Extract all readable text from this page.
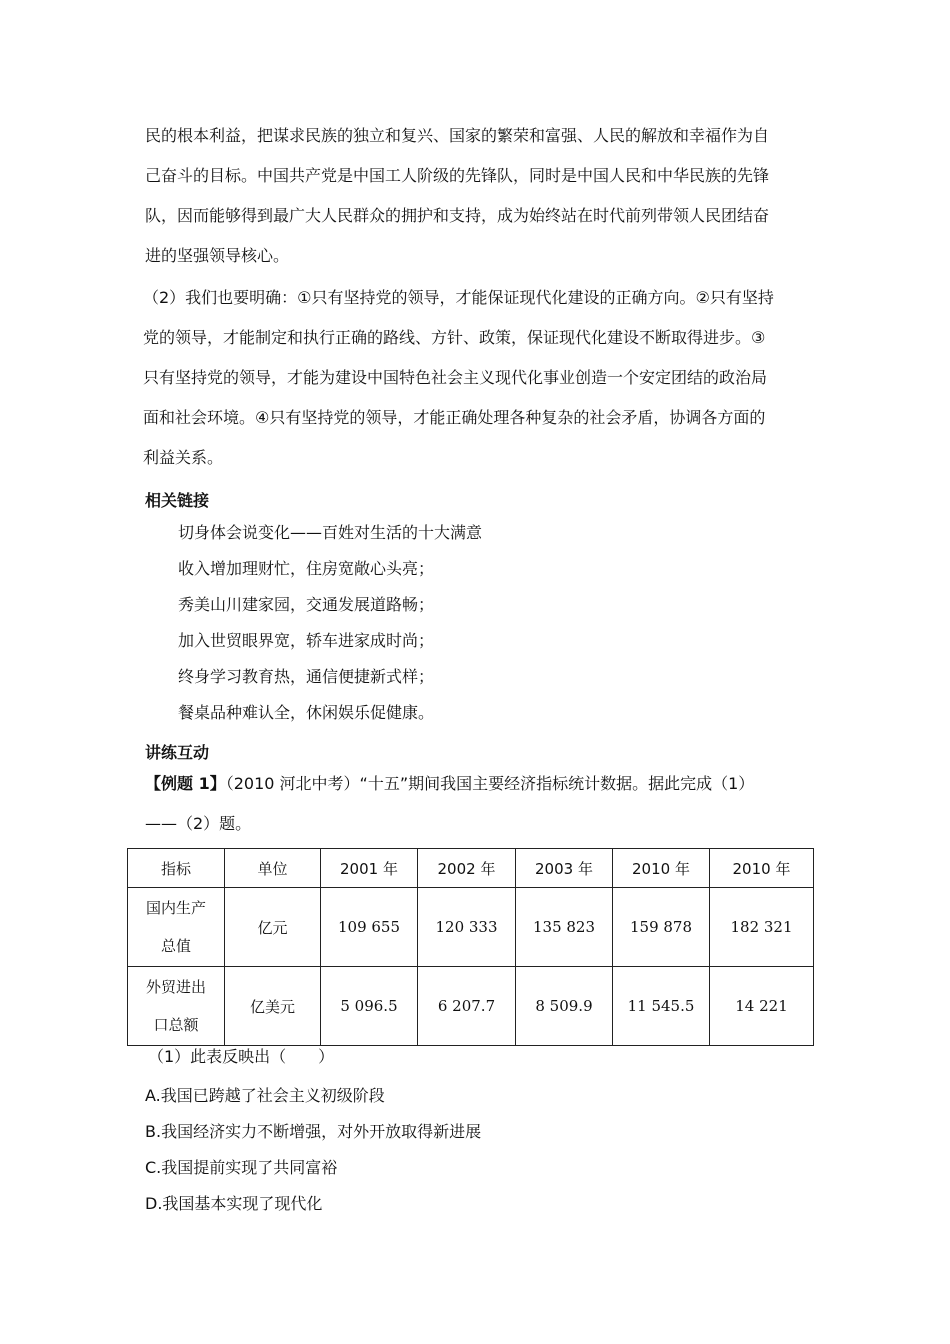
民的根本利益，把谋求民族的独立和复兴、国家的繁荣和富强、人民的解放和幸福作为自
己奋斗的目标。中国共产党是中国工人阶级的先锋队，同时是中国人民和中华民族的先锋
队，因而能够得到最广大人民群众的拥护和支持，成为始终站在时代前列带领人民团结奋
进的坚强领导核心。
（2）我们也要明确：①只有坚持党的领导，才能保证现代化建设的正确方向。②只有坚持
党的领导，才能制定和执行正确的路线、方针、政策，保证现代化建设不断取得进步。③
只有坚持党的领导，才能为建设中国特色社会主义现代化事业创造一个安定团结的政治局
面和社会环境。④只有坚持党的领导，才能正确处理各种复杂的社会矛盾，协调各方面的
利益关系。
相关链接
切身体会说变化——百姓对生活的十大满意
收入增加理财忙，住房宽敞心头亮；
秀美山川建家园，交通发展道路畅；
加入世贸眼界宽，轿车进家成时尚；
终身学习教育热，通信便捷新式样；
餐桌品种难认全，休闲娱乐促健康。
讲练互动
【例题 1】（2010 河北中考）“十五”期间我国主要经济指标统计数据。据此完成（1）
——（2）题。
指标	单位	2001 年	2002 年	2003 年	2010 年	2010 年
国内生产
总值	亿元	109 655	120 333	135 823	159 878	182 321
外贸进出
口总额	亿美元	5 096.5	6 207.7	8 509.9	11 545.5	14 221
（1）此表反映出（　　）
A.我国已跨越了社会主义初级阶段
B.我国经济实力不断增强，对外开放取得新进展
C.我国提前实现了共同富裕
D.我国基本实现了现代化
